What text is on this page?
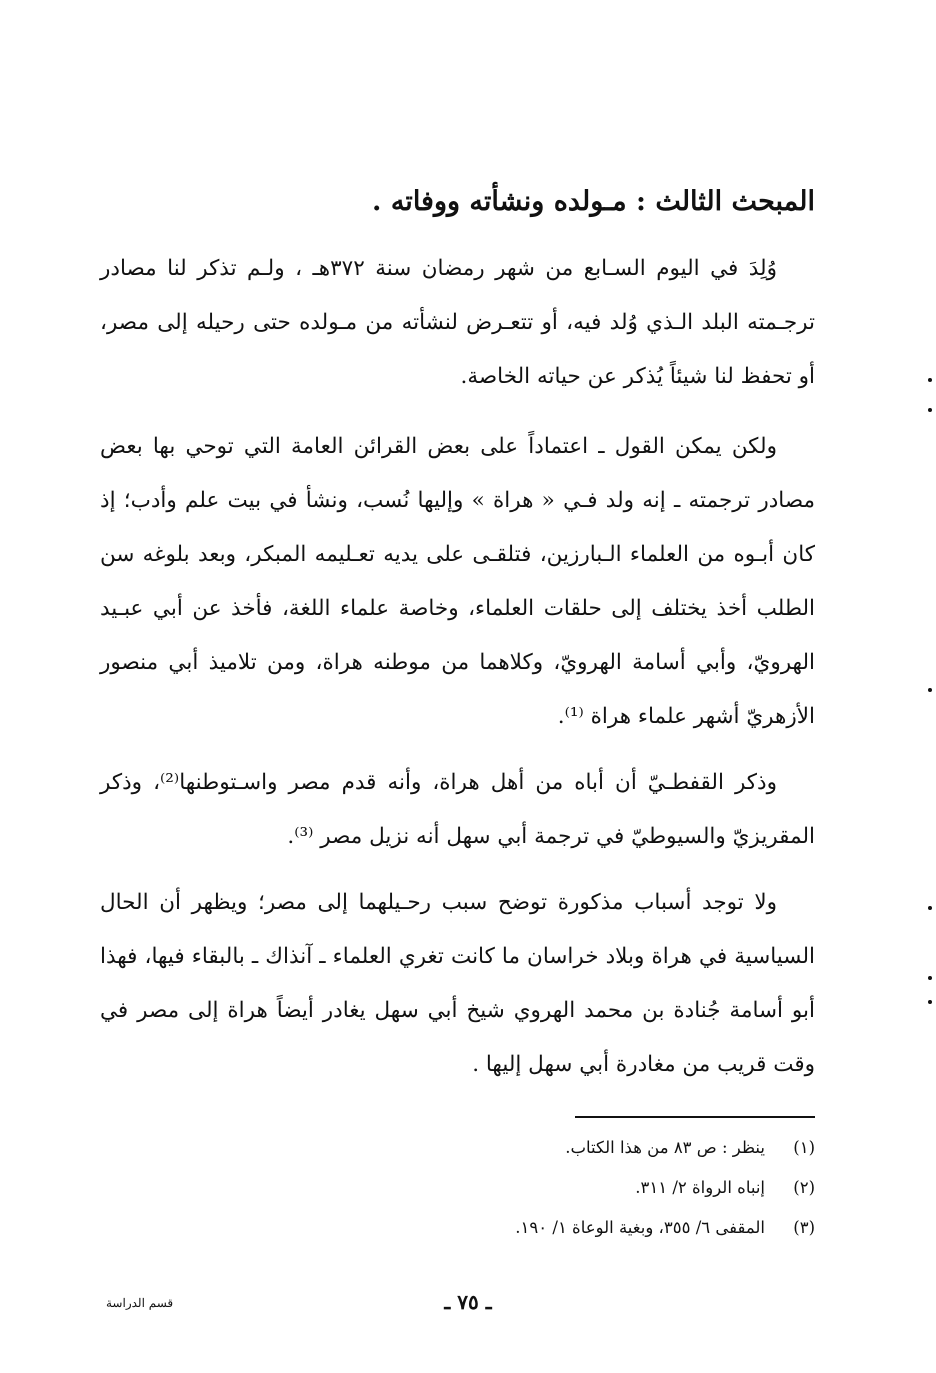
المبحث الثالث : مـولده ونشأته ووفاته .

وُلِدَ في اليوم السـابع من شهر رمضان سنة ٣٧٢هـ ، ولـم تذكر لنا مصادر ترجـمته البلد الـذي وُلد فيه، أو تتعـرض لنشأته من مـولده حتى رحيله إلى مصر، أو تحفظ لنا شيئاً يُذكر عن حياته الخاصة.

ولكن يمكن القول ـ اعتماداً على بعض القرائن العامة التي توحي بها بعض مصادر ترجمته ـ إنه ولد فـي « هراة » وإليها نُسب، ونشأ في بيت علم وأدب؛ إذ كان أبـوه من العلماء الـبارزين، فتلقـى على يديه تعـليمه المبكر، وبعد بلوغه سن الطلب أخذ يختلف إلى حلقات العلماء، وخاصة علماء اللغة، فأخذ عن أبي عبـيد الهرويّ، وأبي أسامة الهرويّ، وكلاهما من موطنه هراة، ومن تلاميذ أبي منصور الأزهريّ أشهر علماء هراة ⁽¹⁾.

وذكر القفطـيّ أن أباه من أهل هراة، وأنه قدم مصر واسـتوطنها⁽²⁾، وذكر المقريزيّ والسيوطيّ في ترجمة أبي سهل أنه نزيل مصر ⁽³⁾.

ولا توجد أسباب مذكورة توضح سبب رحـيلهما إلى مصر؛ ويظهر أن الحال السياسية في هراة وبلاد خراسان ما كانت تغري العلماء ـ آنذاك ـ بالبقاء فيها، فهذا أبو أسامة جُنادة بن محمد الهروي شيخ أبي سهل يغادر أيضاً هراة إلى مصر في وقت قريب من مغادرة أبي سهل إليها .

(١)
ينظر : ص ٨٣ من هذا الكتاب.
(٢)
إنباه الرواة ٢/ ٣١١.
(٣)
المقفى ٦/ ٣٥٥، وبغية الوعاة ١/ ١٩٠.
ـ ٧٥ ـ
قسم الدراسة
